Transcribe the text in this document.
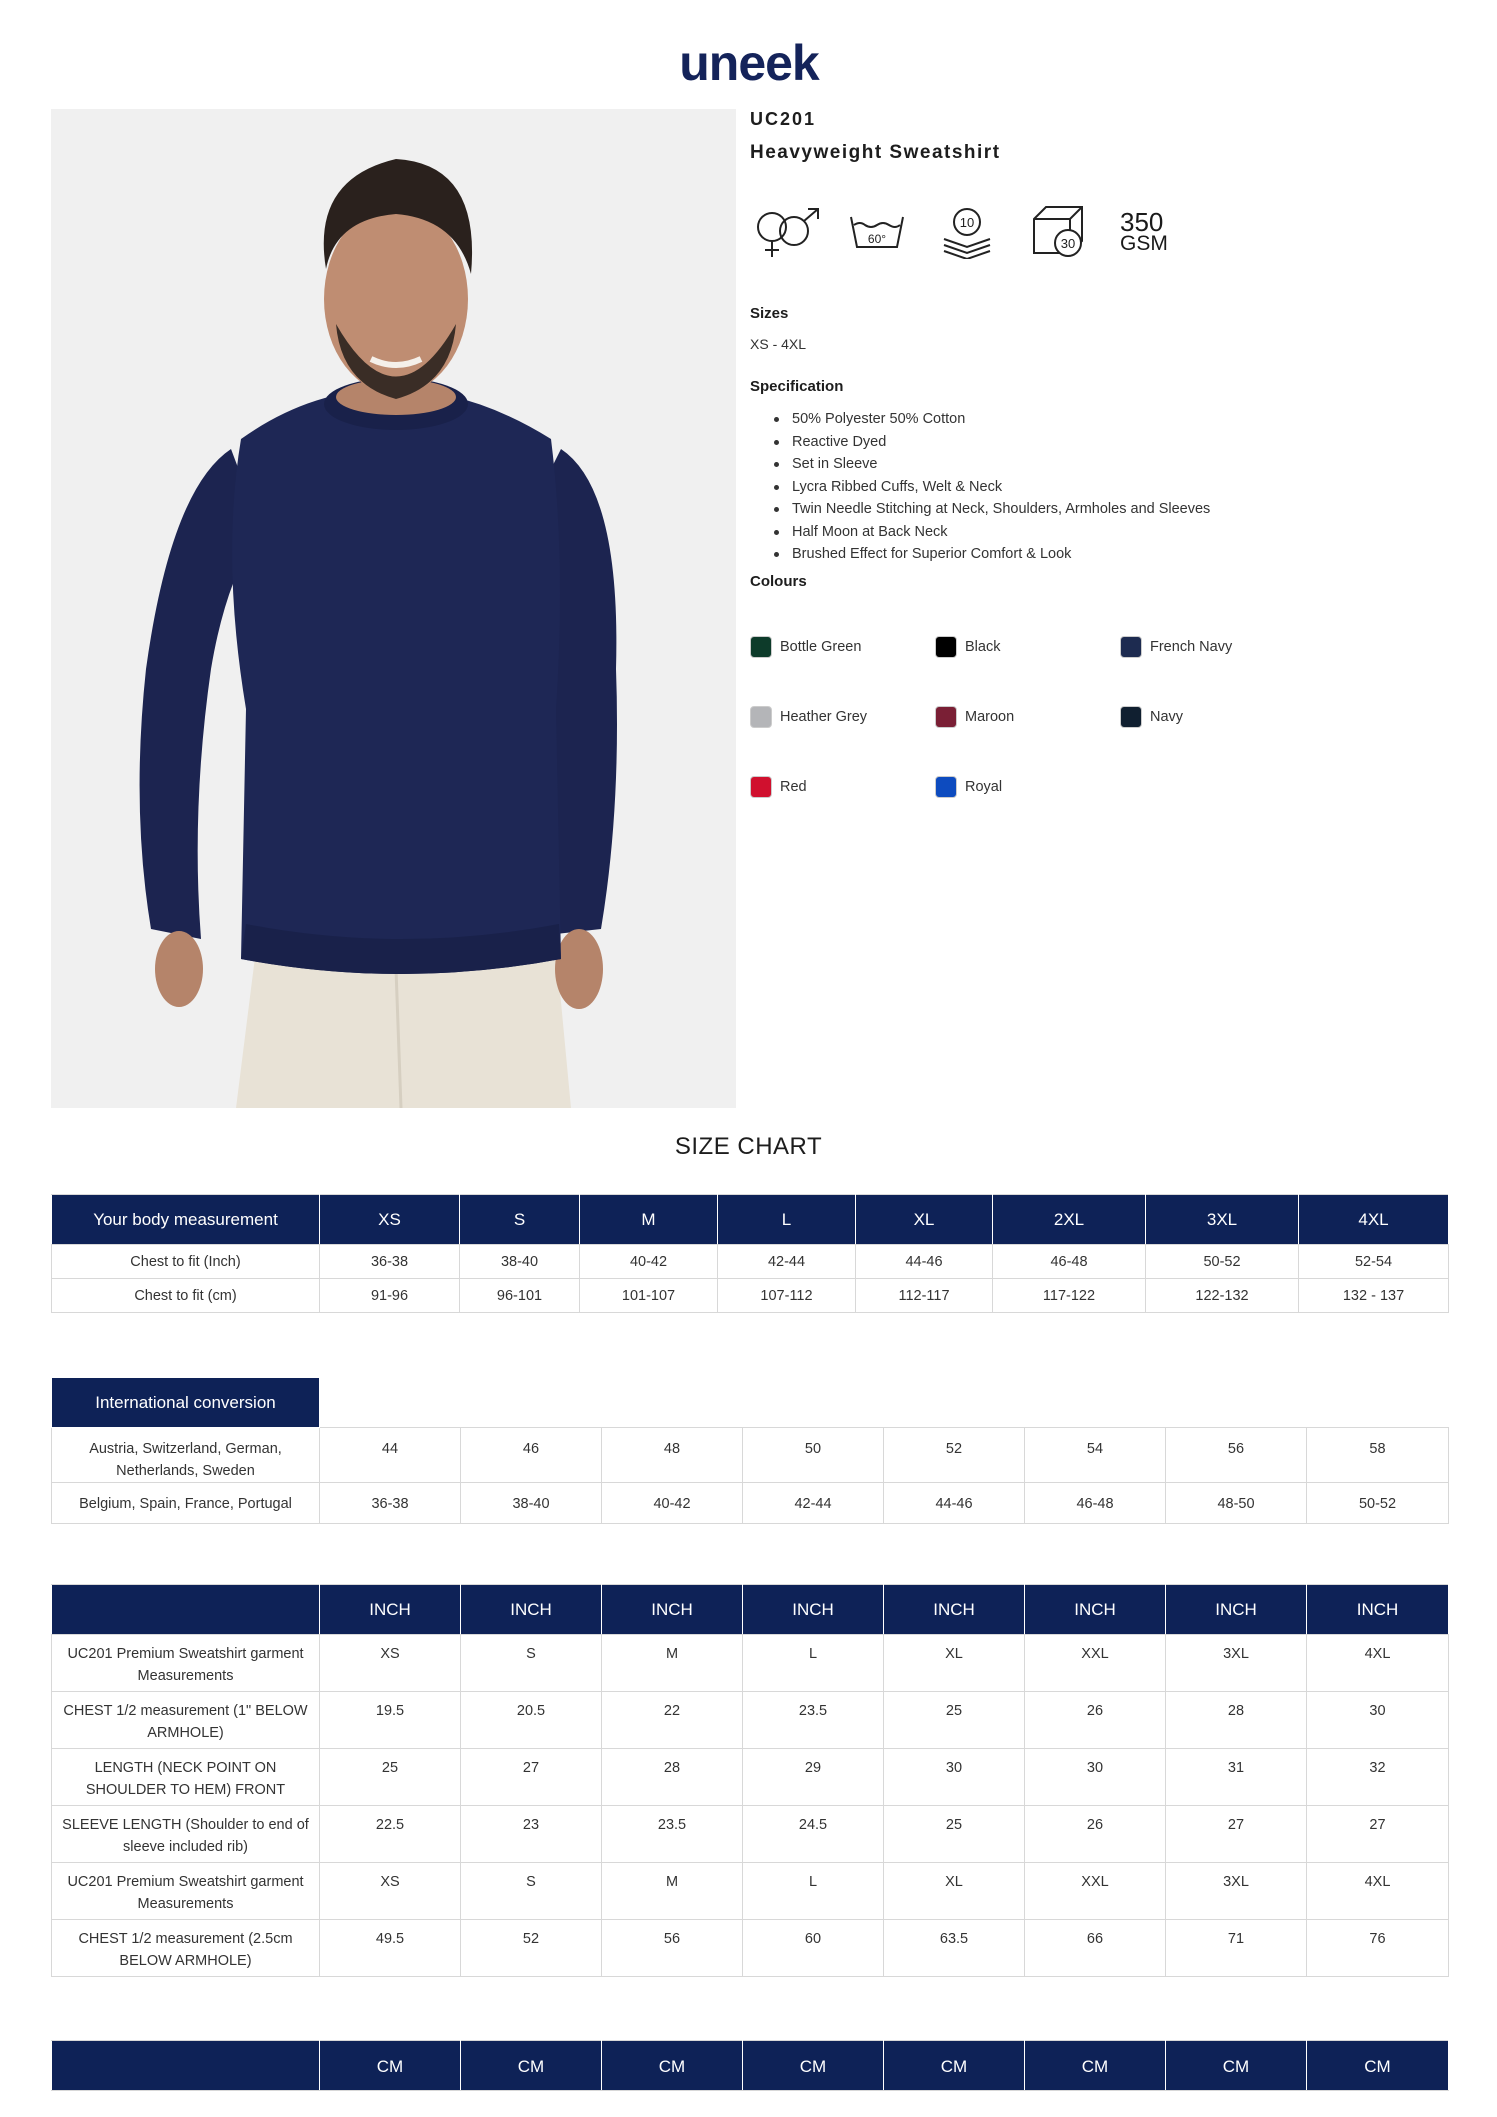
uneek
UC201
Heavyweight Sweatshirt
60°
10
30
350
GSM
Sizes
XS - 4XL
Specification
50% Polyester 50% Cotton
Reactive Dyed
Set in Sleeve
Lycra Ribbed Cuffs, Welt & Neck
Twin Needle Stitching at Neck, Shoulders, Armholes and Sleeves
Half Moon at Back Neck
Brushed Effect for Superior Comfort & Look
Colours
Bottle Green	Black	French Navy
Heather Grey	Maroon	Navy
Red	Royal
SIZE CHART
Your body measurement	XS	S	M	L	XL	2XL	3XL	4XL
Chest to fit (Inch)	36-38	38-40	40-42	42-44	44-46	46-48	50-52	52-54
Chest to fit (cm)	91-96	96-101	101-107	107-112	112-117	117-122	122-132	132 - 137
International conversion								
Austria, Switzerland, German, Netherlands, Sweden	44	46	48	50	52	54	56	58
Belgium, Spain, France, Portugal	36-38	38-40	40-42	42-44	44-46	46-48	48-50	50-52
	INCH	INCH	INCH	INCH	INCH	INCH	INCH	INCH
UC201 Premium Sweatshirt garment Measurements	XS	S	M	L	XL	XXL	3XL	4XL
CHEST 1/2 measurement (1" BELOW ARMHOLE)	19.5	20.5	22	23.5	25	26	28	30
LENGTH (NECK POINT ON SHOULDER TO HEM) FRONT	25	27	28	29	30	30	31	32
SLEEVE LENGTH (Shoulder to end of sleeve included rib)	22.5	23	23.5	24.5	25	26	27	27
UC201 Premium Sweatshirt garment Measurements	XS	S	M	L	XL	XXL	3XL	4XL
CHEST 1/2 measurement (2.5cm BELOW ARMHOLE)	49.5	52	56	60	63.5	66	71	76
	CM	CM	CM	CM	CM	CM	CM	CM
